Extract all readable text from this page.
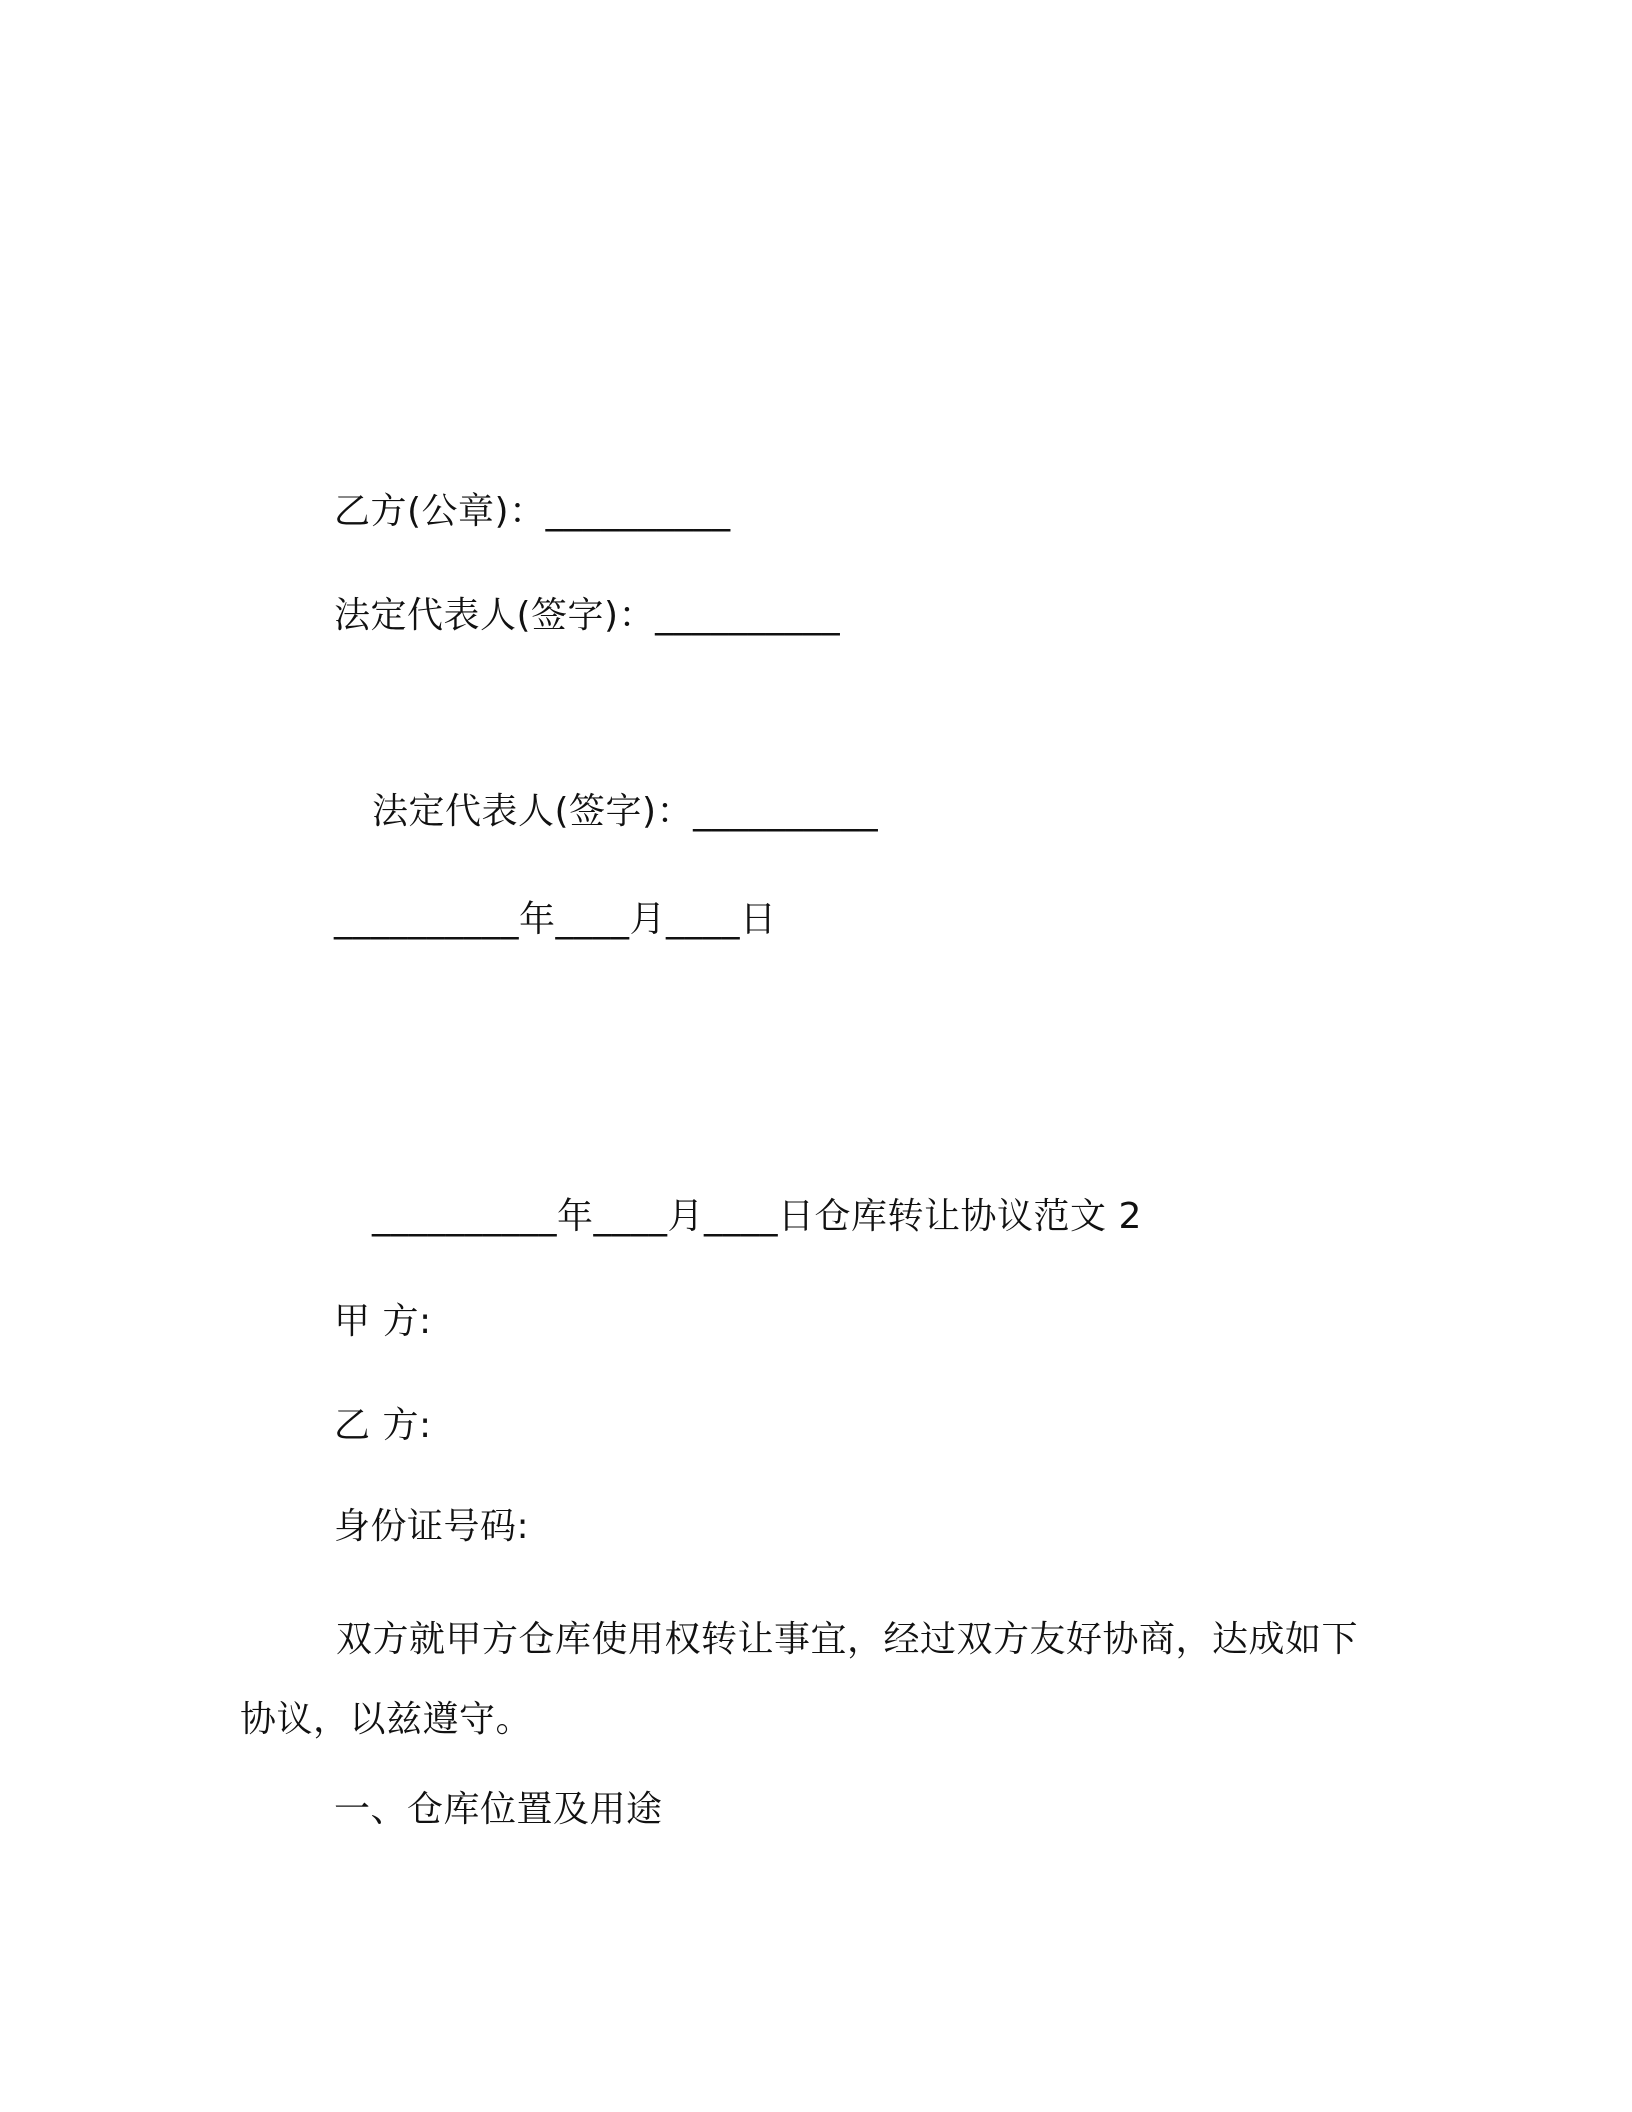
乙方(公章)：__________
法定代表人(签字)：__________
法定代表人(签字)：__________
__________年____月____日
__________年____月____日仓库转让协议范文 2
甲 方:
乙 方:
身份证号码:

双方就甲方仓库使用权转让事宜，经过双方友好协商，达成如下协议，以兹遵守。

一、仓库位置及用途
